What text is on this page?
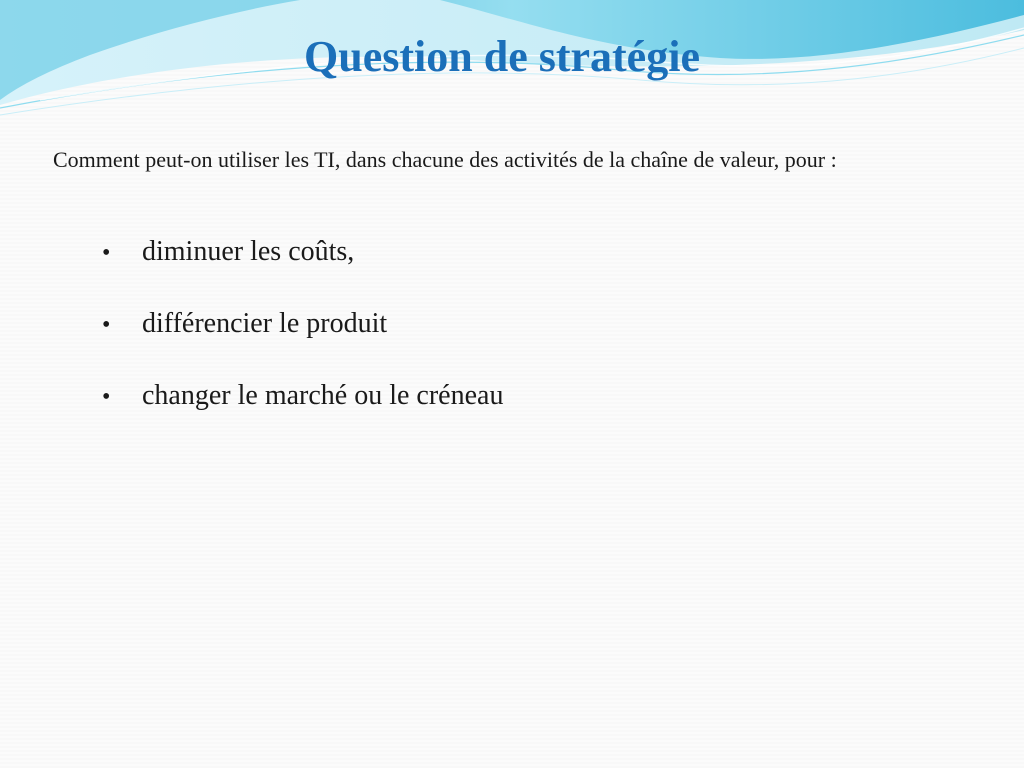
Question de stratégie
Comment peut-on utiliser les TI, dans chacune des activités de la chaîne de valeur, pour :
•	diminuer les coûts,
•	différencier le produit
•	changer le marché ou le créneau
